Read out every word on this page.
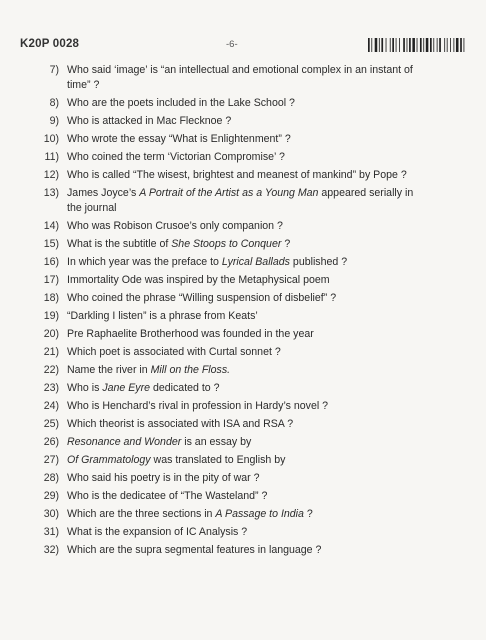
K20P 0028	-6-
7) Who said ‘image’ is “an intellectual and emotional complex in an instant of time” ?
8) Who are the poets included in the Lake School ?
9) Who is attacked in Mac Flecknoe ?
10) Who wrote the essay “What is Enlightenment” ?
11) Who coined the term ‘Victorian Compromise’ ?
12) Who is called “The wisest, brightest and meanest of mankind” by Pope ?
13) James Joyce’s A Portrait of the Artist as a Young Man appeared serially in the journal
14) Who was Robison Crusoe’s only companion ?
15) What is the subtitle of She Stoops to Conquer ?
16) In which year was the preface to Lyrical Ballads published ?
17) Immortality Ode was inspired by the Metaphysical poem
18) Who coined the phrase “Willing suspension of disbelief” ?
19) “Darkling I listen” is a phrase from Keats’
20) Pre Raphaelite Brotherhood was founded in the year
21) Which poet is associated with Curtal sonnet ?
22) Name the river in Mill on the Floss.
23) Who is Jane Eyre dedicated to ?
24) Who is Henchard’s rival in profession in Hardy’s novel ?
25) Which theorist is associated with ISA and RSA ?
26) Resonance and Wonder is an essay by
27) Of Grammatology was translated to English by
28) Who said his poetry is in the pity of war ?
29) Who is the dedicatee of “The Wasteland” ?
30) Which are the three sections in A Passage to India ?
31) What is the expansion of IC Analysis ?
32) Which are the supra segmental features in language ?
